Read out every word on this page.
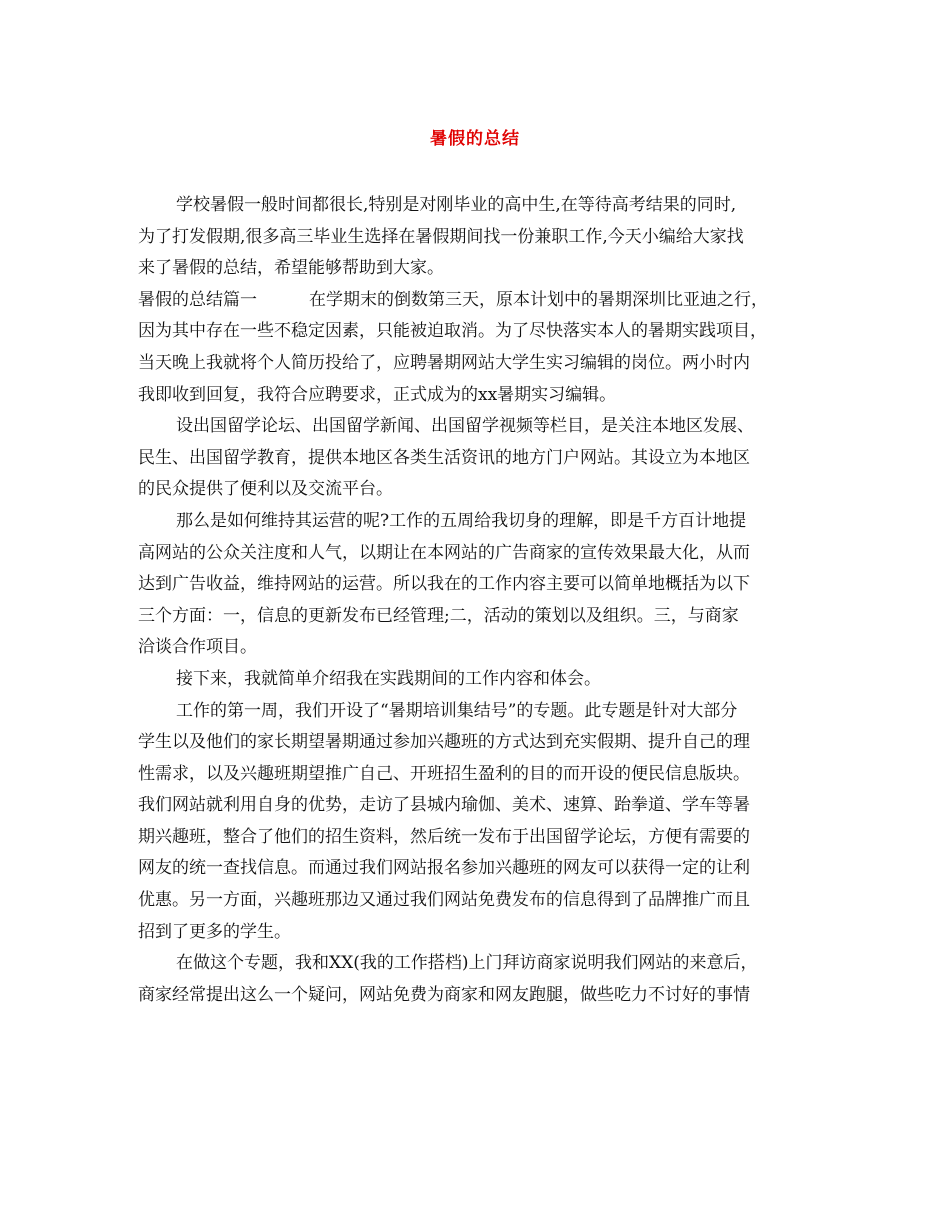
暑假的总结
学校暑假一般时间都很长,特别是对刚毕业的高中生,在等待高考结果的同时,
为了打发假期,很多高三毕业生选择在暑假期间找一份兼职工作,今天小编给大家找
来了暑假的总结，希望能够帮助到大家。
暑假的总结篇一	在学期末的倒数第三天，原本计划中的暑期深圳比亚迪之行，
因为其中存在一些不稳定因素，只能被迫取消。为了尽快落实本人的暑期实践项目，
当天晚上我就将个人简历投给了，应聘暑期网站大学生实习编辑的岗位。两小时内
我即收到回复，我符合应聘要求，正式成为的xx暑期实习编辑。
设出国留学论坛、出国留学新闻、出国留学视频等栏目，是关注本地区发展、
民生、出国留学教育，提供本地区各类生活资讯的地方门户网站。其设立为本地区
的民众提供了便利以及交流平台。
那么是如何维持其运营的呢?工作的五周给我切身的理解，即是千方百计地提
高网站的公众关注度和人气，以期让在本网站的广告商家的宣传效果最大化，从而
达到广告收益，维持网站的运营。所以我在的工作内容主要可以简单地概括为以下
三个方面：一，信息的更新发布已经管理;二，活动的策划以及组织。三，与商家
洽谈合作项目。
接下来，我就简单介绍我在实践期间的工作内容和体会。
工作的第一周，我们开设了“暑期培训集结号”的专题。此专题是针对大部分
学生以及他们的家长期望暑期通过参加兴趣班的方式达到充实假期、提升自己的理
性需求，以及兴趣班期望推广自己、开班招生盈利的目的而开设的便民信息版块。
我们网站就利用自身的优势，走访了县城内瑜伽、美术、速算、跆拳道、学车等暑
期兴趣班，整合了他们的招生资料，然后统一发布于出国留学论坛，方便有需要的
网友的统一查找信息。而通过我们网站报名参加兴趣班的网友可以获得一定的让利
优惠。另一方面，兴趣班那边又通过我们网站免费发布的信息得到了品牌推广而且
招到了更多的学生。
在做这个专题，我和XX(我的工作搭档)上门拜访商家说明我们网站的来意后，
商家经常提出这么一个疑问，网站免费为商家和网友跑腿，做些吃力不讨好的事情
